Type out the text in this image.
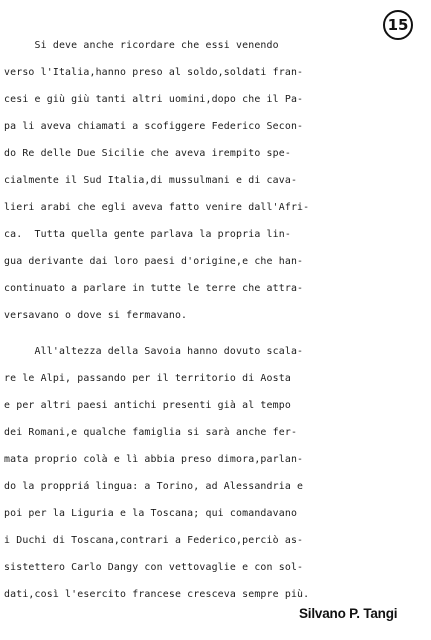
15
Si deve anche ricordare che essi venendo
verso l'Italia,hanno preso al soldo,soldati fran-
cesi e giù giù tanti altri uomini,dopo che il Pa-
pa li aveva chiamati a scofiggere Federico Secon-
do Re delle Due Sicilie che aveva irempito spe-
cialmente il Sud Italia,di mussulmani e di cava-
lieri arabi che egli aveva fatto venire dall'Afri-
ca.  Tutta quella gente parlava la propria lin-
gua derivante dai loro paesi d'origine,e che han-
continuato a parlare in tutte le terre che attra-
versavano o dove si fermavano.
All'altezza della Savoia hanno dovuto scala-
re le Alpi, passando per il territorio di Aosta
e per altri paesi antichi presenti già al tempo
dei Romani,e qualche famiglia si sarà anche fer-
mata proprio colà e lì abbia preso dimora,parlan-
do la proppriá lingua: a Torino, ad Alessandria e
poi per la Liguria e la Toscana; qui comandavano
i Duchi di Toscana,contrari a Federico,perciò as-
sistettero Carlo Dangy con vettovaglie e con sol-
dati,così l'esercito francese cresceva sempre più.
Silvano P. Tangi
